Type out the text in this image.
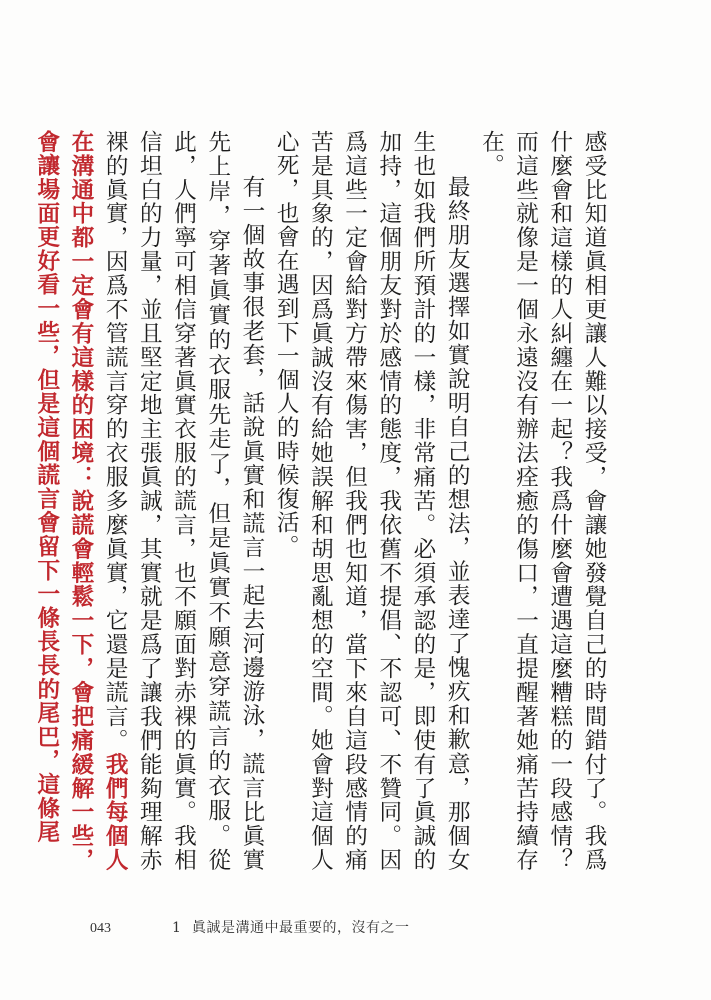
感受比知道眞相更讓人難以接受，會讓她發覺自己的時間錯付了。我爲什麼會和這樣的人糾纏在一起？我爲什麼會遭遇這麼糟糕的一段感情？而這些就像是一個永遠沒有辦法痊癒的傷口，一直提醒著她痛苦持續存在。

最終朋友選擇如實說明自己的想法，並表達了愧疚和歉意，那個女生也如我們所預計的一樣，非常痛苦。必須承認的是，即使有了眞誠的加持，這個朋友對於感情的態度，我依舊不提倡、不認可、不贊同。因爲這些一定會給對方帶來傷害，但我們也知道，當下來自這段感情的痛苦是具象的，因爲眞誠沒有給她誤解和胡思亂想的空間。她會對這個人心死，也會在遇到下一個人的時候復活。

有一個故事很老套，話說眞實和謊言一起去河邊游泳，謊言比眞實先上岸，穿著眞實的衣服先走了，但是眞實不願意穿謊言的衣服。從此，人們寧可相信穿著眞實衣服的謊言，也不願面對赤裸的眞實。我相信坦白的力量，並且堅定地主張眞誠，其實就是爲了讓我們能夠理解赤裸的眞實，因爲不管謊言穿的衣服多麼眞實，它還是謊言。我們每個人在溝通中都一定會有這樣的困境：說謊會輕鬆一下，會把痛緩解一些，會讓場面更好看一些，但是這個謊言會留下一條長長的尾巴，這條尾

043	1 眞誠是溝通中最重要的，沒有之一
